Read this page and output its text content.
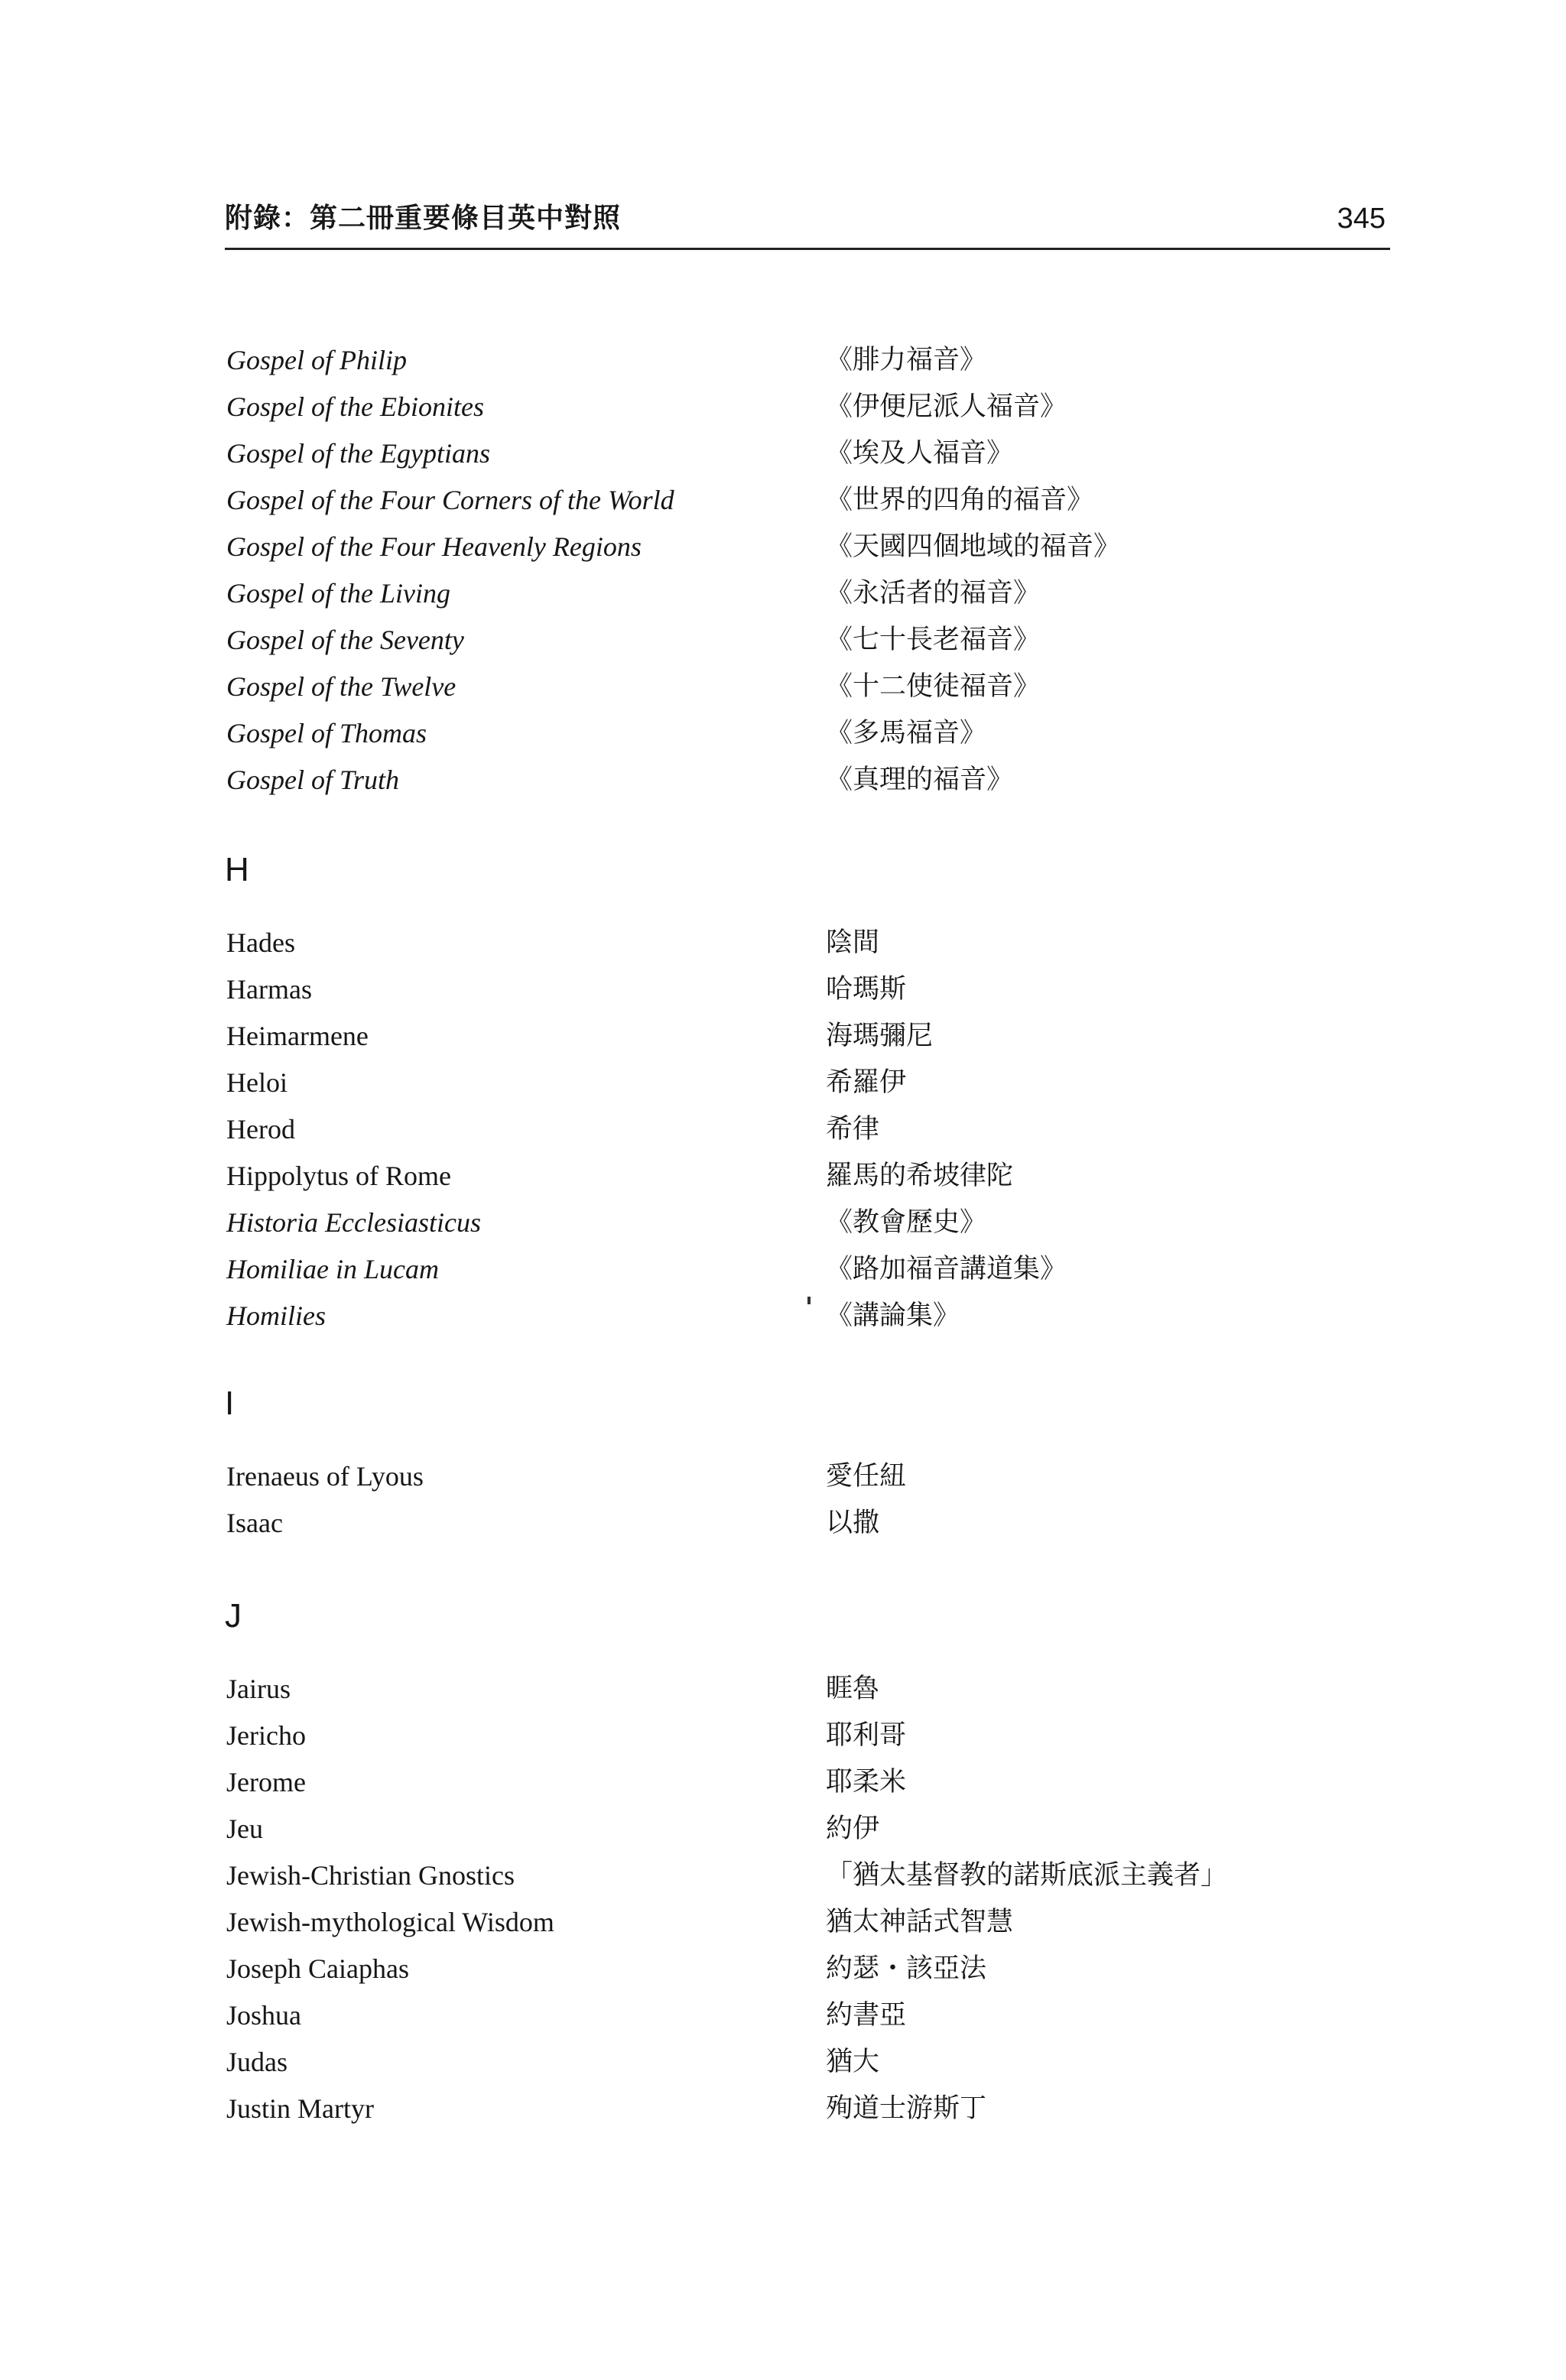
附錄：第二冊重要條目英中對照	345
Gospel of Philip	《腓力福音》
Gospel of the Ebionites	《伊便尼派人福音》
Gospel of the Egyptians	《埃及人福音》
Gospel of the Four Corners of the World	《世界的四角的福音》
Gospel of the Four Heavenly Regions	《天國四個地域的福音》
Gospel of the Living	《永活者的福音》
Gospel of the Seventy	《七十長老福音》
Gospel of the Twelve	《十二使徒福音》
Gospel of Thomas	《多馬福音》
Gospel of Truth	《真理的福音》
H
Hades	陰間
Harmas	哈瑪斯
Heimarmene	海瑪彌尼
Heloi	希羅伊
Herod	希律
Hippolytus of Rome	羅馬的希坡律陀
Historia Ecclesiasticus	《教會歷史》
Homiliae in Lucam	《路加福音講道集》
Homilies	《講論集》
I
Irenaeus of Lyous	愛任紐
Isaac	以撒
J
Jairus	睚魯
Jericho	耶利哥
Jerome	耶柔米
Jeu	約伊
Jewish-Christian Gnostics	「猶太基督教的諾斯底派主義者」
Jewish-mythological Wisdom	猶太神話式智慧
Joseph Caiaphas	約瑟・該亞法
Joshua	約書亞
Judas	猶大
Justin Martyr	殉道士游斯丁
